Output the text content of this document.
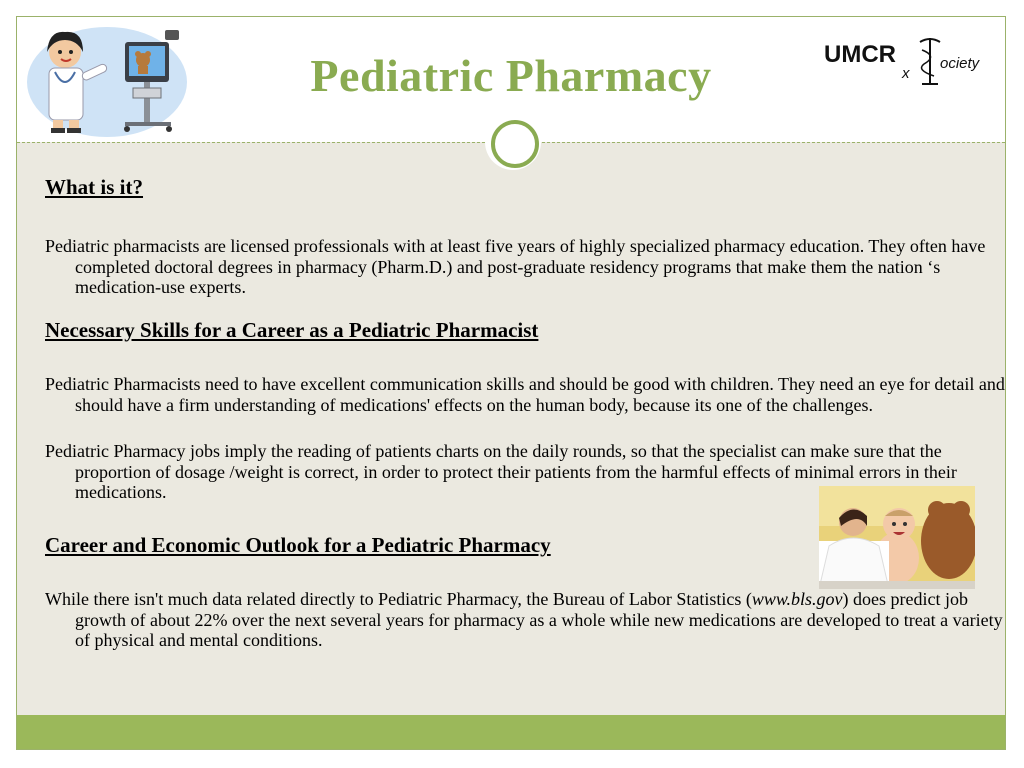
Pediatric Pharmacy	UMCR
x
ociety
What is it?

Pediatric pharmacists are licensed professionals with at least five years of highly specialized pharmacy education. They often have completed doctoral degrees in pharmacy (Pharm.D.) and post-graduate residency programs that make them the nation ‘s medication-use experts.

Necessary Skills for a Career as a Pediatric Pharmacist

Pediatric Pharmacists need to have excellent communication skills and should be good with children. They need an eye for detail and should have a firm understanding of medications' effects on the human body, because its one of the challenges.

Pediatric Pharmacy jobs imply the reading of patients charts on the daily rounds, so that the specialist can make sure that the proportion of dosage /weight is correct, in order to protect their patients from the harmful effects of minimal errors in their medications.

Career and Economic Outlook for a Pediatric Pharmacy

While there isn't much data related directly to Pediatric Pharmacy, the Bureau of Labor Statistics (www.bls.gov) does predict job growth of about 22% over the next several years for pharmacy as a whole while new medications are developed to treat a variety of physical and mental conditions.
